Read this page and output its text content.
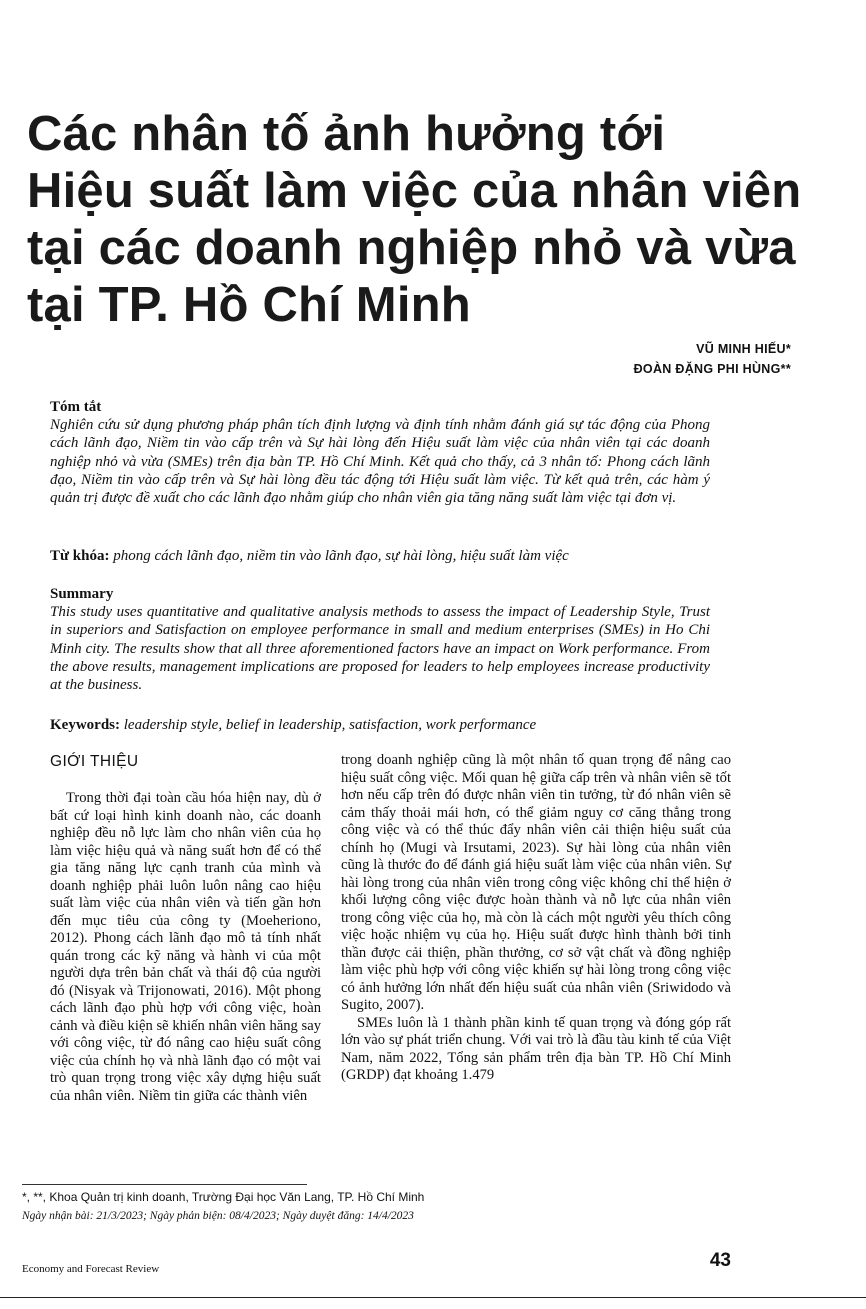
Các nhân tố ảnh hưởng tới
Hiệu suất làm việc của nhân viên
tại các doanh nghiệp nhỏ và vừa
tại TP. Hồ Chí Minh
VŨ MINH HIẾU*
ĐOÀN ĐẶNG PHI HÙNG**
Tóm tắt

Nghiên cứu sử dụng phương pháp phân tích định lượng và định tính nhằm đánh giá sự tác động của Phong cách lãnh đạo, Niềm tin vào cấp trên và Sự hài lòng đến Hiệu suất làm việc của nhân viên tại các doanh nghiệp nhỏ và vừa (SMEs) trên địa bàn TP. Hồ Chí Minh. Kết quả cho thấy, cả 3 nhân tố: Phong cách lãnh đạo, Niềm tin vào cấp trên và Sự hài lòng đều tác động tới Hiệu suất làm việc. Từ kết quả trên, các hàm ý quản trị được đề xuất cho các lãnh đạo nhằm giúp cho nhân viên gia tăng năng suất làm việc tại đơn vị.

Từ khóa: phong cách lãnh đạo, niềm tin vào lãnh đạo, sự hài lòng, hiệu suất làm việc
Summary

This study uses quantitative and qualitative analysis methods to assess the impact of Leadership Style, Trust in superiors and Satisfaction on employee performance in small and medium enterprises (SMEs) in Ho Chi Minh city. The results show that all three aforementioned factors have an impact on Work performance. From the above results, management implications are proposed for leaders to help employees increase productivity at the business.

Keywords: leadership style, belief in leadership, satisfaction, work performance
GIỚI THIỆU

Trong thời đại toàn cầu hóa hiện nay, dù ở bất cứ loại hình kinh doanh nào, các doanh nghiệp đều nỗ lực làm cho nhân viên của họ làm việc hiệu quả và năng suất hơn để có thể gia tăng năng lực cạnh tranh của mình và doanh nghiệp phải luôn luôn nâng cao hiệu suất làm việc của nhân viên và tiến gần hơn đến mục tiêu của công ty (Moeheriono, 2012). Phong cách lãnh đạo mô tả tính nhất quán trong các kỹ năng và hành vi của một người dựa trên bản chất và thái độ của người đó (Nisyak và Trijonowati, 2016). Một phong cách lãnh đạo phù hợp với công việc, hoàn cảnh và điều kiện sẽ khiến nhân viên hăng say với công việc, từ đó nâng cao hiệu suất công việc của chính họ và nhà lãnh đạo có một vai trò quan trọng trong việc xây dựng hiệu suất của nhân viên. Niềm tin giữa các thành viên

trong doanh nghiệp cũng là một nhân tố quan trọng để nâng cao hiệu suất công việc. Mối quan hệ giữa cấp trên và nhân viên sẽ tốt hơn nếu cấp trên đó được nhân viên tin tưởng, từ đó nhân viên sẽ cảm thấy thoải mái hơn, có thể giảm nguy cơ căng thẳng trong công việc và có thể thúc đẩy nhân viên cải thiện hiệu suất của chính họ (Mugi và Irsutami, 2023). Sự hài lòng của nhân viên cũng là thước đo để đánh giá hiệu suất làm việc của nhân viên. Sự hài lòng trong của nhân viên trong công việc không chỉ thể hiện ở khối lượng công việc được hoàn thành và nỗ lực của nhân viên trong công việc của họ, mà còn là cách một người yêu thích công việc hoặc nhiệm vụ của họ. Hiệu suất được hình thành bởi tinh thần được cải thiện, phần thưởng, cơ sở vật chất và đồng nghiệp làm việc phù hợp với công việc khiến sự hài lòng trong công việc có ảnh hưởng lớn nhất đến hiệu suất của nhân viên (Sriwidodo và Sugito, 2007).

SMEs luôn là 1 thành phần kinh tế quan trọng và đóng góp rất lớn vào sự phát triển chung. Với vai trò là đầu tàu kinh tế của Việt Nam, năm 2022, Tổng sản phẩm trên địa bàn TP. Hồ Chí Minh (GRDP) đạt khoảng 1.479

*, **, Khoa Quản trị kinh doanh, Trường Đại học Văn Lang, TP. Hồ Chí Minh
Ngày nhận bài: 21/3/2023; Ngày phản biện: 08/4/2023; Ngày duyệt đăng: 14/4/2023
Economy and Forecast Review	43
